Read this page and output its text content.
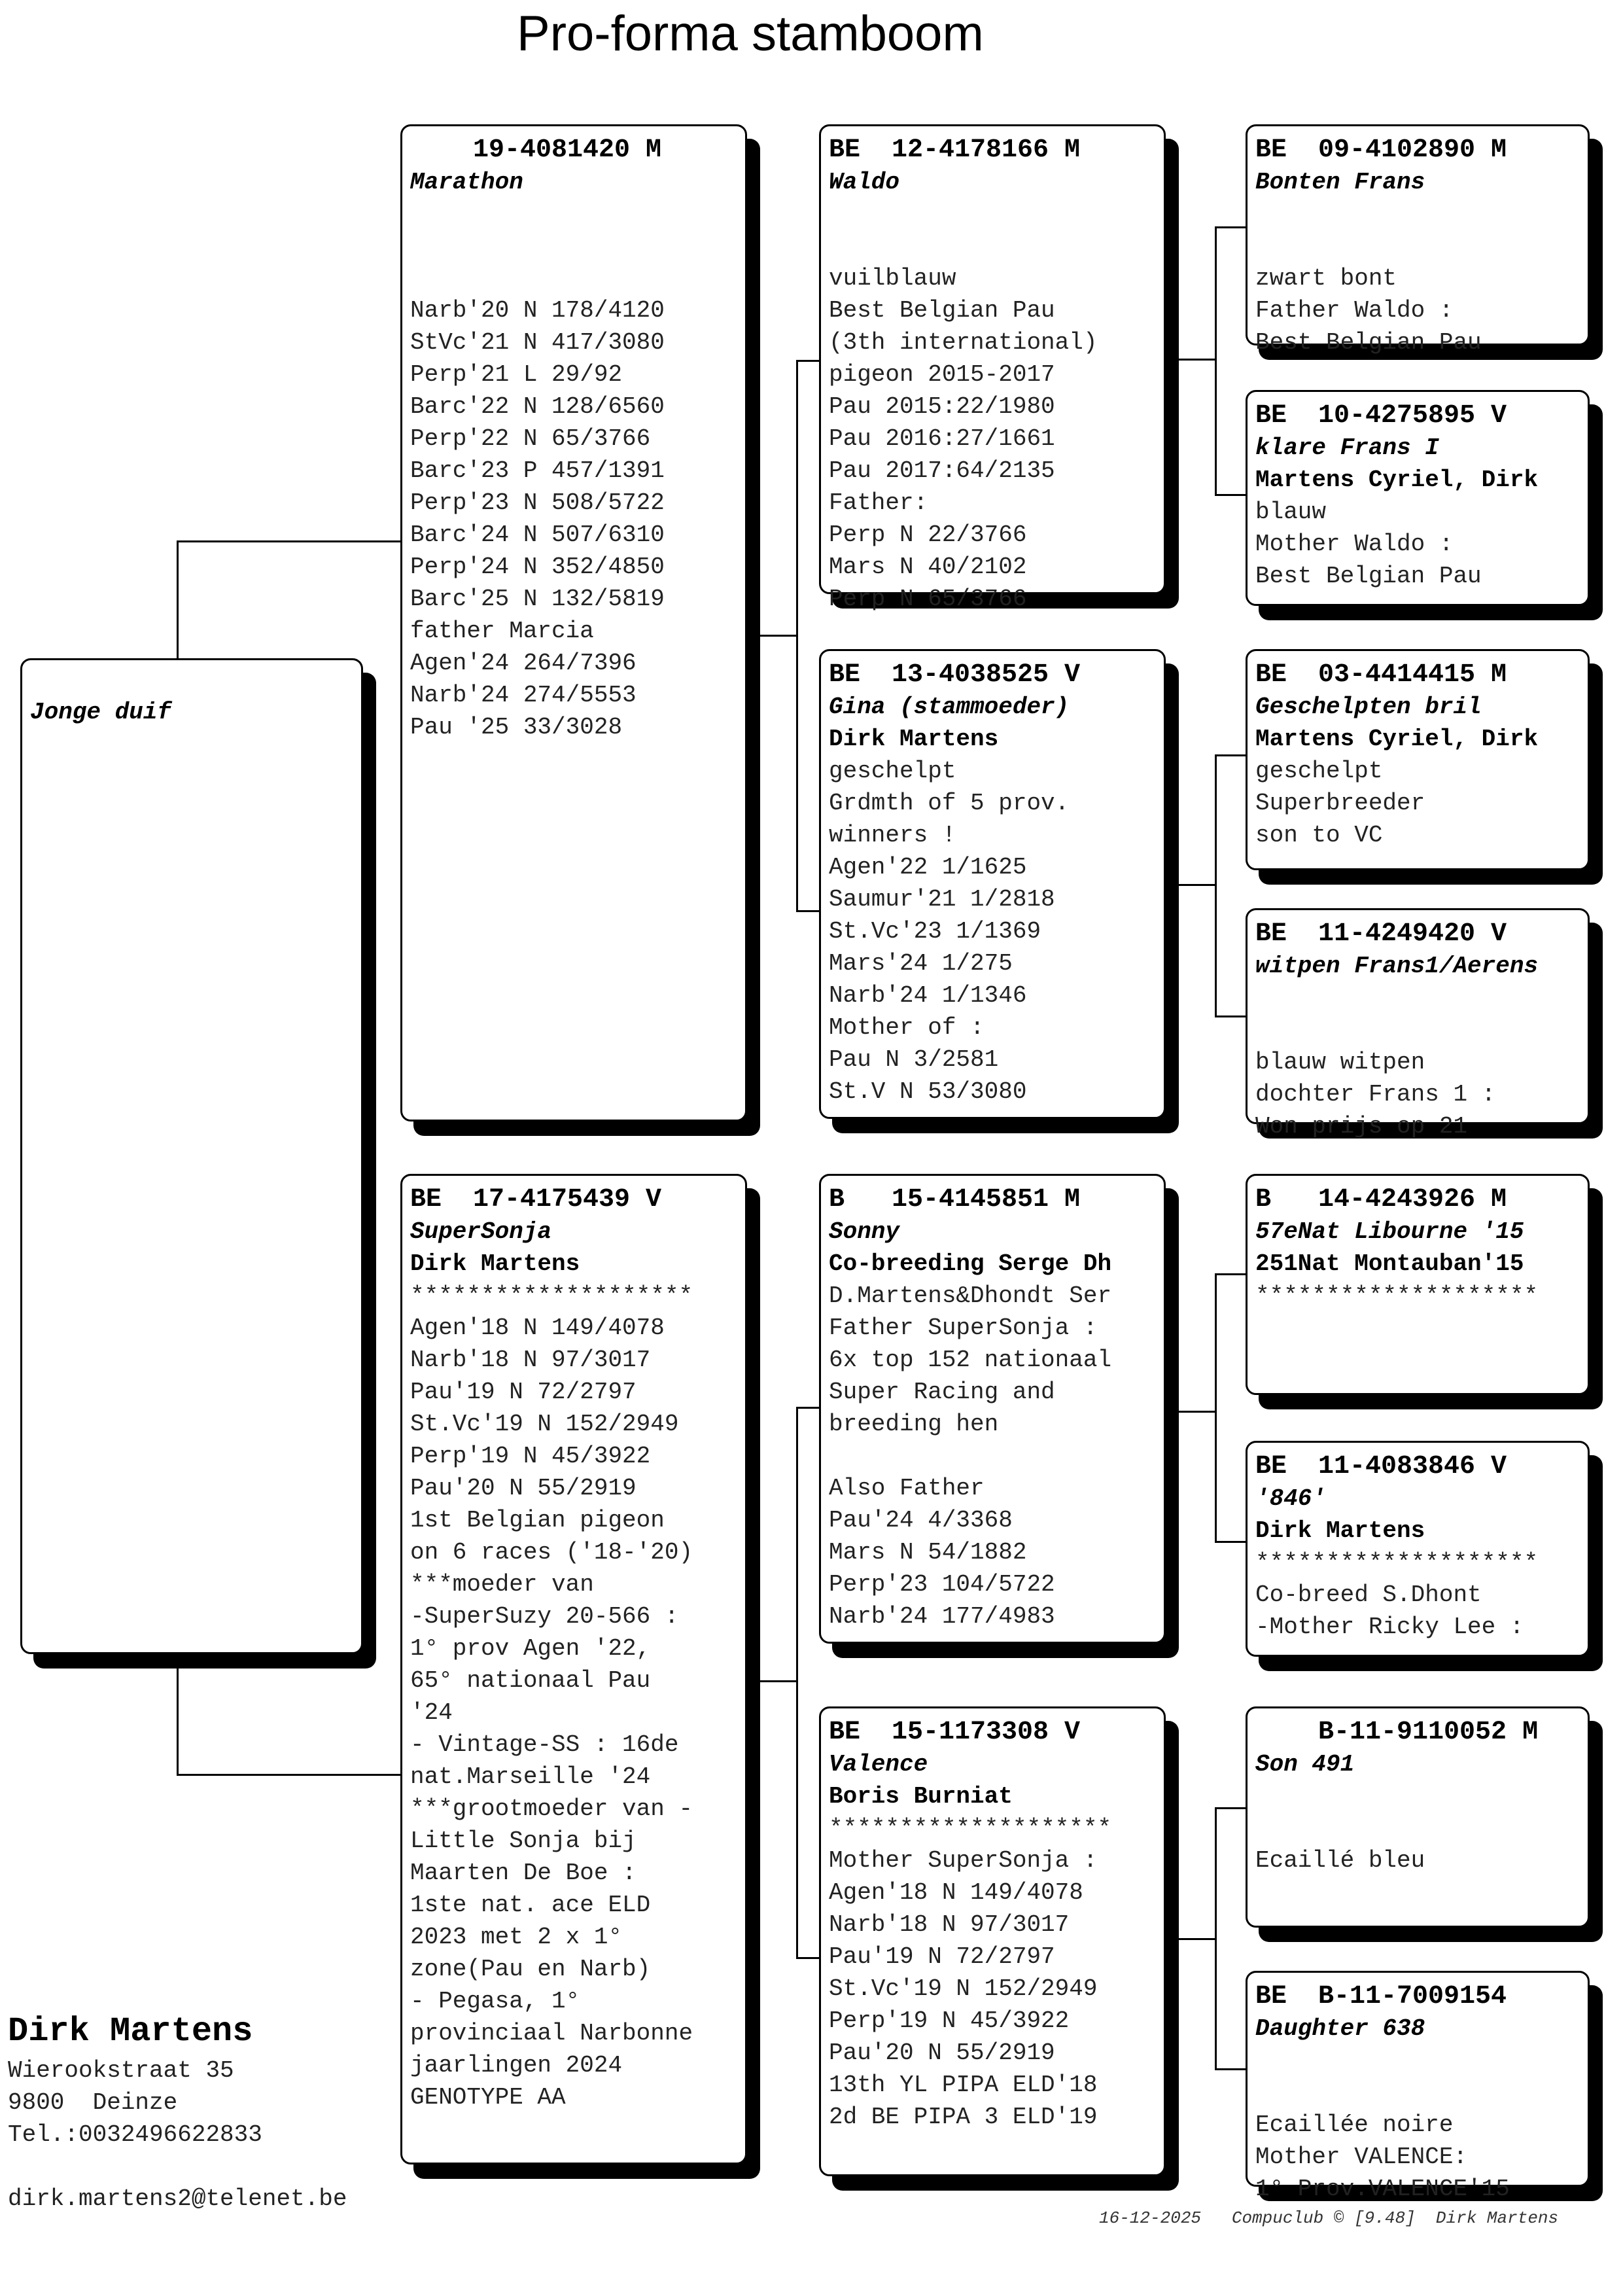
Pro-forma stamboom
Jonge duif
19-4081420 M
Marathon
Narb'20 N 178/4120
StVc'21 N 417/3080
Perp'21 L 29/92
Barc'22 N 128/6560
Perp'22 N 65/3766
Barc'23 P 457/1391
Perp'23 N 508/5722
Barc'24 N 507/6310
Perp'24 N 352/4850
Barc'25 N 132/5819
father Marcia
Agen'24 264/7396
Narb'24 274/5553
Pau '25 33/3028
BE  17-4175439 V
SuperSonja
Dirk Martens
********************
Agen'18 N 149/4078
Narb'18 N 97/3017
Pau'19 N 72/2797
St.Vc'19 N 152/2949
Perp'19 N 45/3922
Pau'20 N 55/2919
1st Belgian pigeon
on 6 races ('18-'20)
***moeder van
-SuperSuzy 20-566 :
1° prov Agen '22,
65° nationaal Pau
'24
- Vintage-SS : 16de
nat.Marseille '24
***grootmoeder van -
Little Sonja bij
Maarten De Boe :
1ste nat. ace ELD
2023 met 2 x 1°
zone(Pau en Narb)
- Pegasa, 1°
provinciaal Narbonne
jaarlingen 2024
GENOTYPE AA
BE  12-4178166 M
Waldo
vuilblauw
Best Belgian Pau
(3th international)
pigeon 2015-2017
Pau 2015:22/1980
Pau 2016:27/1661
Pau 2017:64/2135
Father:
Perp N 22/3766
Mars N 40/2102
Perp N 65/3766
BE  13-4038525 V
Gina (stammoeder)
Dirk Martens
geschelpt
Grdmth of 5 prov.
winners !
Agen'22 1/1625
Saumur'21 1/2818
St.Vc'23 1/1369
Mars'24 1/275
Narb'24 1/1346
Mother of :
Pau N 3/2581
St.V N 53/3080
B   15-4145851 M
Sonny
Co-breeding Serge Dh
D.Martens&Dhondt Ser
Father SuperSonja :
6x top 152 nationaal
Super Racing and
breeding hen
Also Father
Pau'24 4/3368
Mars N 54/1882
Perp'23 104/5722
Narb'24 177/4983
BE  15-1173308 V
Valence
Boris Burniat
********************
Mother SuperSonja :
Agen'18 N 149/4078
Narb'18 N 97/3017
Pau'19 N 72/2797
St.Vc'19 N 152/2949
Perp'19 N 45/3922
Pau'20 N 55/2919
13th YL PIPA ELD'18
2d BE PIPA 3 ELD'19
BE  09-4102890 M
Bonten Frans
zwart bont
Father Waldo :
Best Belgian Pau
BE  10-4275895 V
klare Frans I
Martens Cyriel, Dirk
blauw
Mother Waldo :
Best Belgian Pau
BE  03-4414415 M
Geschelpten bril
Martens Cyriel, Dirk
geschelpt
Superbreeder
son to VC
BE  11-4249420 V
witpen Frans1/Aerens
blauw witpen
dochter Frans 1 :
Won prijs op 21
B   14-4243926 M
57eNat Libourne '15
251Nat Montauban'15
********************
BE  11-4083846 V
'846'
Dirk Martens
********************
Co-breed S.Dhont
-Mother Ricky Lee :
B-11-9110052 M
Son 491
Ecaillé bleu
BE  B-11-7009154
Daughter 638
Ecaillée noire
Mother VALENCE:
1° Prov.VALENCE'15
Dirk Martens
Wierookstraat 35
9800  Deinze
Tel.:0032496622833

dirk.martens2@telenet.be
16-12-2025 Compuclub © [9.48]  Dirk Martens
